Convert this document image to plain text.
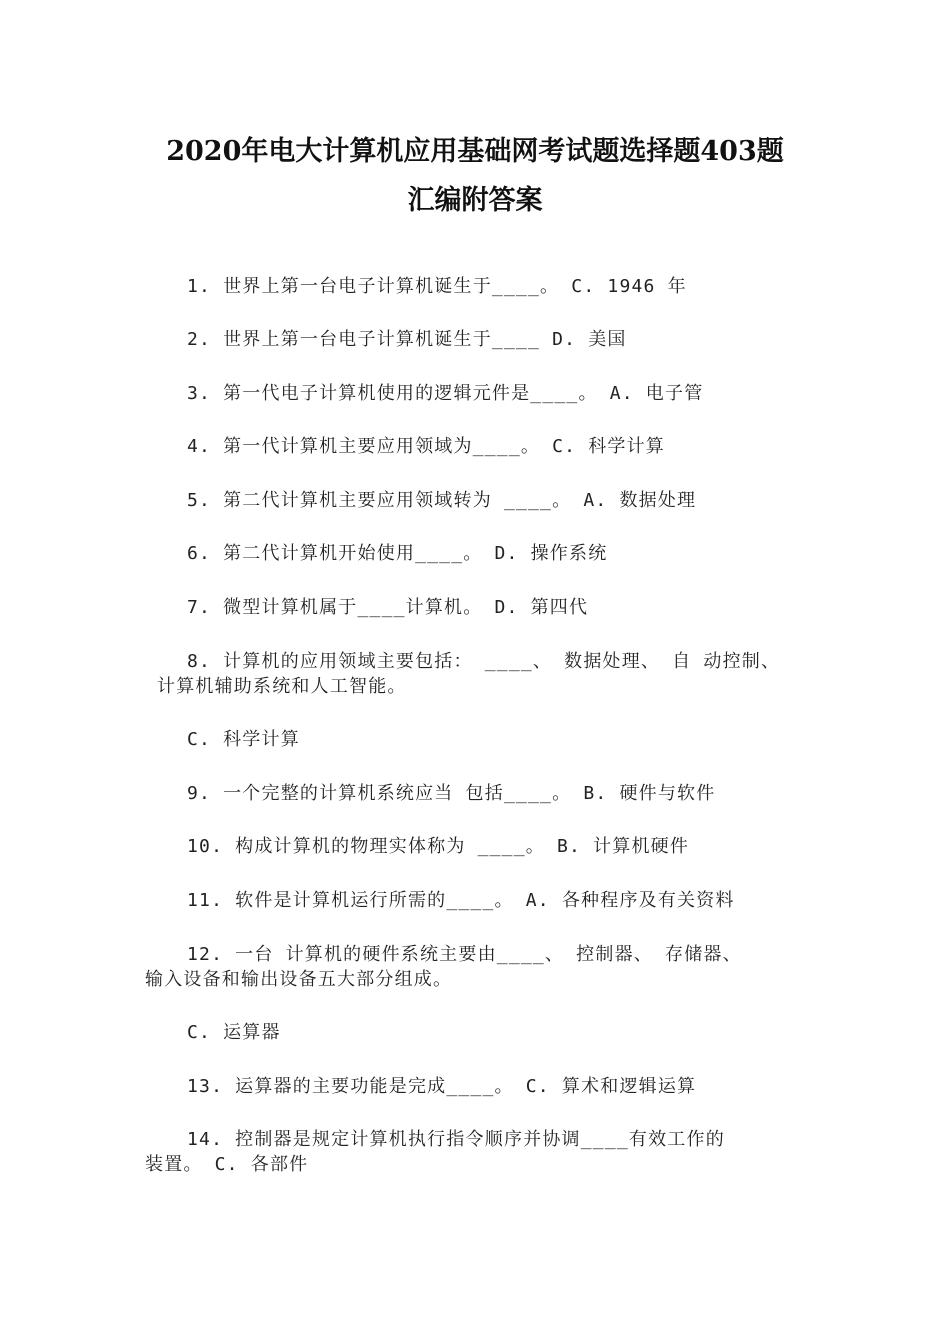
2020年电大计算机应用基础网考试题选择题403题
汇编附答案
1. 世界上第一台电子计算机诞生于____。 C. 1946 年
2. 世界上第一台电子计算机诞生于____ D. 美国
3. 第一代电子计算机使用的逻辑元件是____。 A. 电子管
4. 第一代计算机主要应用领域为____。 C. 科学计算
5. 第二代计算机主要应用领域转为 ____。 A. 数据处理
6. 第二代计算机开始使用____。 D. 操作系统
7. 微型计算机属于____计算机。 D. 第四代
8. 计算机的应用领域主要包括： ____、 数据处理、 自 动控制、
计算机辅助系统和人工智能。
C. 科学计算
9. 一个完整的计算机系统应当 包括____。 B. 硬件与软件
10. 构成计算机的物理实体称为 ____。 B. 计算机硬件
11. 软件是计算机运行所需的____。 A. 各种程序及有关资料
12. 一台 计算机的硬件系统主要由____、 控制器、 存储器、
输入设备和输出设备五大部分组成。
C. 运算器
13. 运算器的主要功能是完成____。 C. 算术和逻辑运算
14. 控制器是规定计算机执行指令顺序并协调____有效工作的
装置。 C. 各部件
